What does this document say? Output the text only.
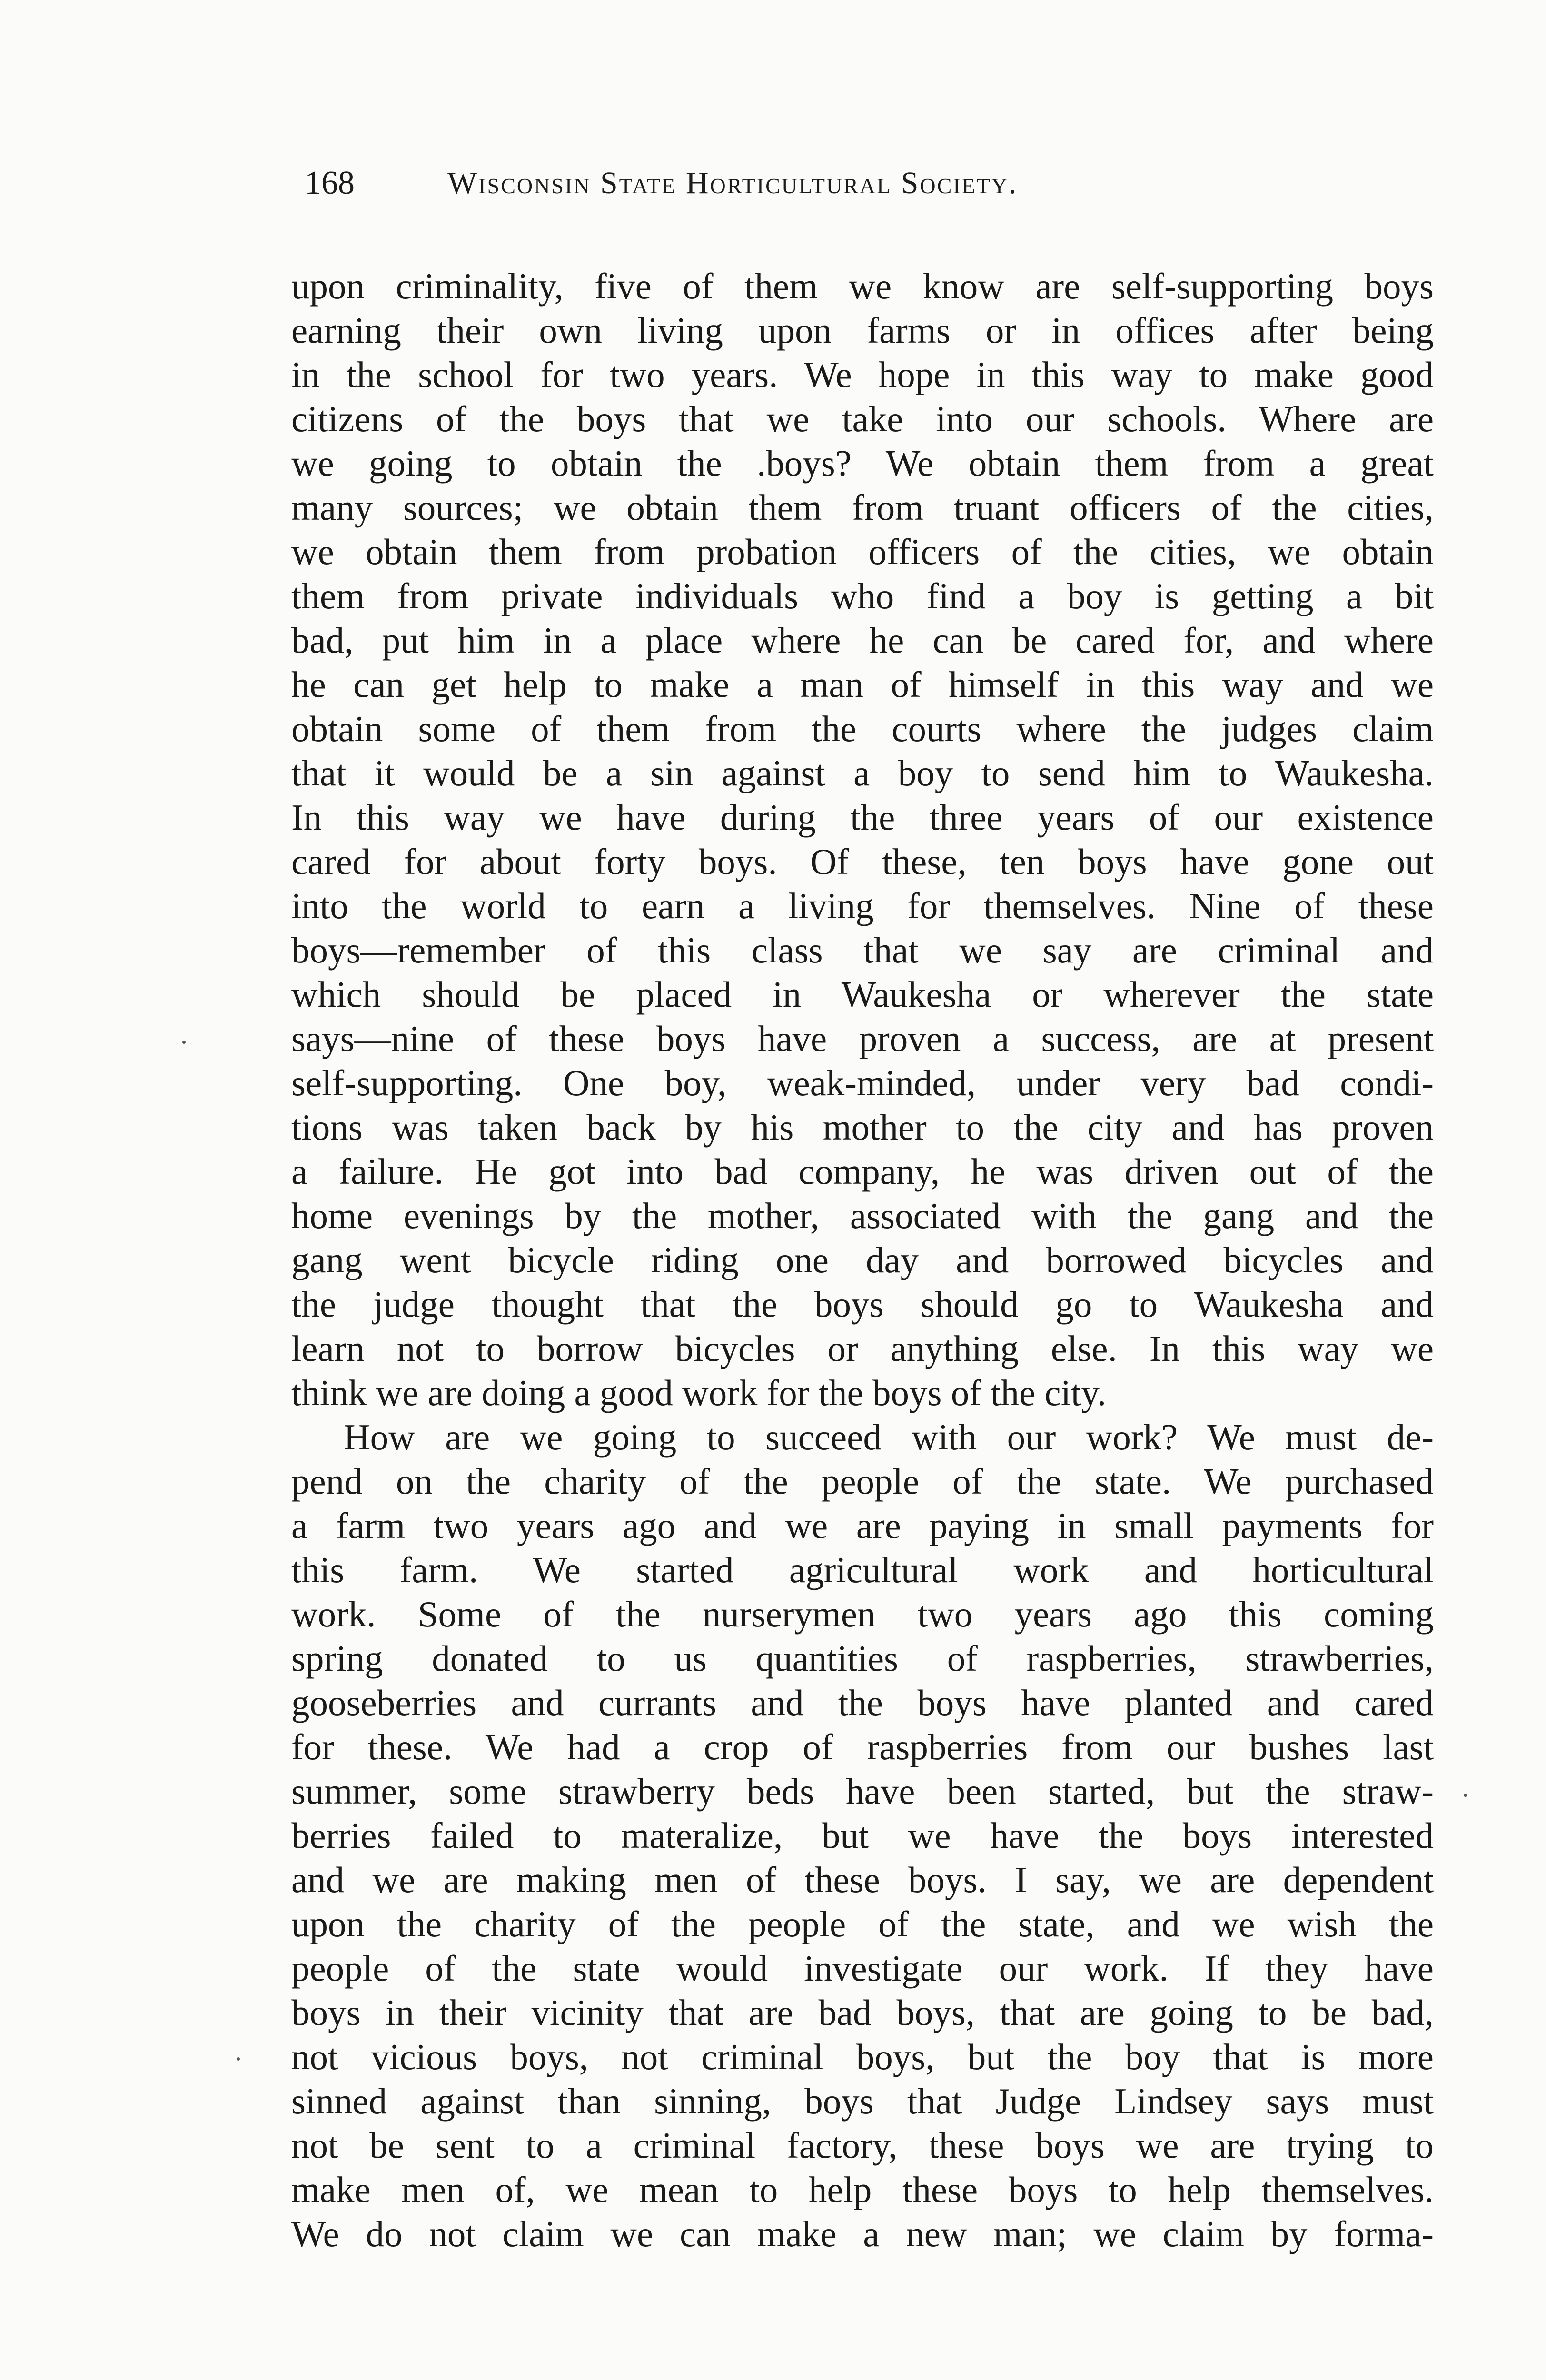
168	Wisconsin State Horticultural Society.
upon criminality, five of them we know are self-supporting boys
earning their own living upon farms or in offices after being
in the school for two years. We hope in this way to make good
citizens of the boys that we take into our schools. Where are
we going to obtain the .boys? We obtain them from a great
many sources; we obtain them from truant officers of the cities,
we obtain them from probation officers of the cities, we obtain
them from private individuals who find a boy is getting a bit
bad, put him in a place where he can be cared for, and where
he can get help to make a man of himself in this way and we
obtain some of them from the courts where the judges claim
that it would be a sin against a boy to send him to Waukesha.
In this way we have during the three years of our existence
cared for about forty boys. Of these, ten boys have gone out
into the world to earn a living for themselves. Nine of these
boys—remember of this class that we say are criminal and
which should be placed in Waukesha or wherever the state
says—nine of these boys have proven a success, are at present
self-supporting. One boy, weak-minded, under very bad condi-
tions was taken back by his mother to the city and has proven
a failure. He got into bad company, he was driven out of the
home evenings by the mother, associated with the gang and the
gang went bicycle riding one day and borrowed bicycles and
the judge thought that the boys should go to Waukesha and
learn not to borrow bicycles or anything else. In this way we
think we are doing a good work for the boys of the city.
How are we going to succeed with our work? We must de-
pend on the charity of the people of the state. We purchased
a farm two years ago and we are paying in small payments for
this farm. We started agricultural work and horticultural
work. Some of the nurserymen two years ago this coming
spring donated to us quantities of raspberries, strawberries,
gooseberries and currants and the boys have planted and cared
for these. We had a crop of raspberries from our bushes last
summer, some strawberry beds have been started, but the straw-
berries failed to materalize, but we have the boys interested
and we are making men of these boys. I say, we are dependent
upon the charity of the people of the state, and we wish the
people of the state would investigate our work. If they have
boys in their vicinity that are bad boys, that are going to be bad,
not vicious boys, not criminal boys, but the boy that is more
sinned against than sinning, boys that Judge Lindsey says must
not be sent to a criminal factory, these boys we are trying to
make men of, we mean to help these boys to help themselves.
We do not claim we can make a new man; we claim by forma-
